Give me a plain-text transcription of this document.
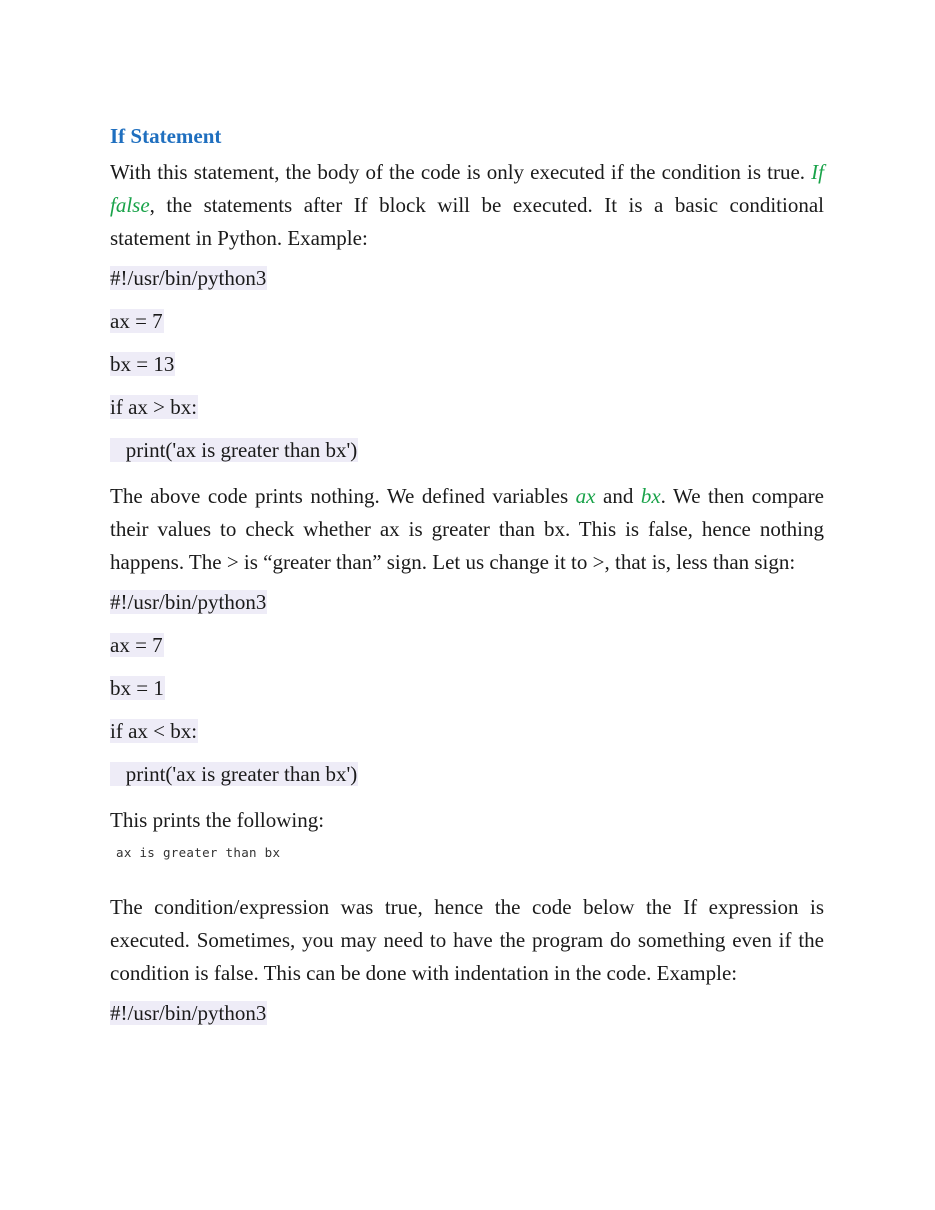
If Statement

With this statement, the body of the code is only executed if the condition is true. If false, the statements after If block will be executed. It is a basic conditional statement in Python. Example:

#!/usr/bin/python3
ax = 7
bx = 13
if ax > bx:
print('ax is greater than bx')

The above code prints nothing. We defined variables ax and bx. We then compare their values to check whether ax is greater than bx. This is false, hence nothing happens. The > is “greater than” sign. Let us change it to >, that is, less than sign:

#!/usr/bin/python3
ax = 7
bx = 1
if ax < bx:
print('ax is greater than bx')

This prints the following:

ax is greater than bx

The condition/expression was true, hence the code below the If expression is executed. Sometimes, you may need to have the program do something even if the condition is false. This can be done with indentation in the code. Example:

#!/usr/bin/python3
